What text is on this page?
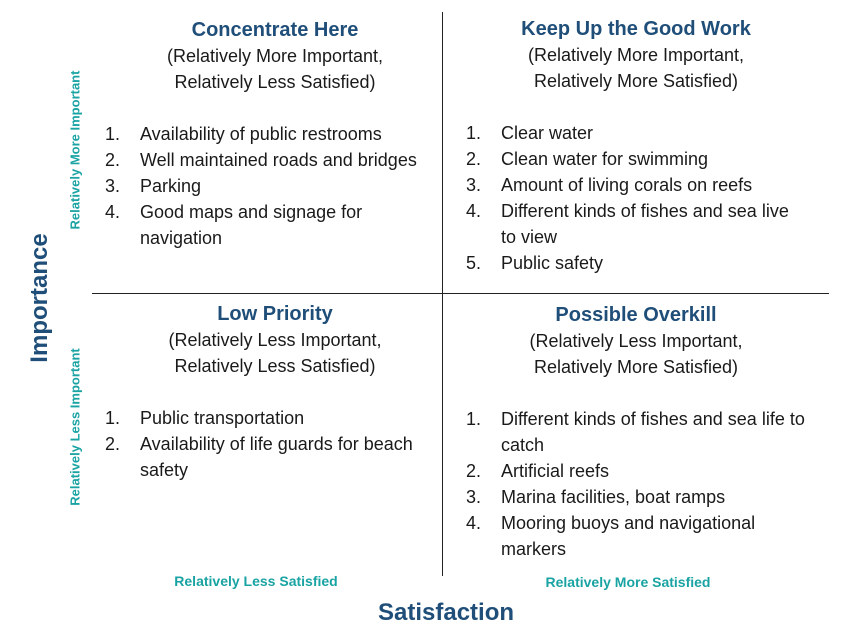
Importance
Relatively More Important
Relatively Less Important
Concentrate Here
(Relatively More Important,
Relatively Less Satisfied)
1. Availability of public restrooms
2. Well maintained roads and bridges
3. Parking
4. Good maps and signage for navigation
Keep Up the Good Work
(Relatively More Important,
Relatively More Satisfied)
1. Clear water
2. Clean water for swimming
3. Amount of living corals on reefs
4. Different kinds of fishes and sea live to view
5. Public safety
Low Priority
(Relatively Less Important,
Relatively Less Satisfied)
1. Public transportation
2. Availability of life guards for beach safety
Possible Overkill
(Relatively Less Important,
Relatively More Satisfied)
1. Different kinds of fishes and sea life to catch
2. Artificial reefs
3. Marina facilities, boat ramps
4. Mooring buoys and navigational markers
Relatively Less Satisfied	Relatively More Satisfied
Satisfaction
